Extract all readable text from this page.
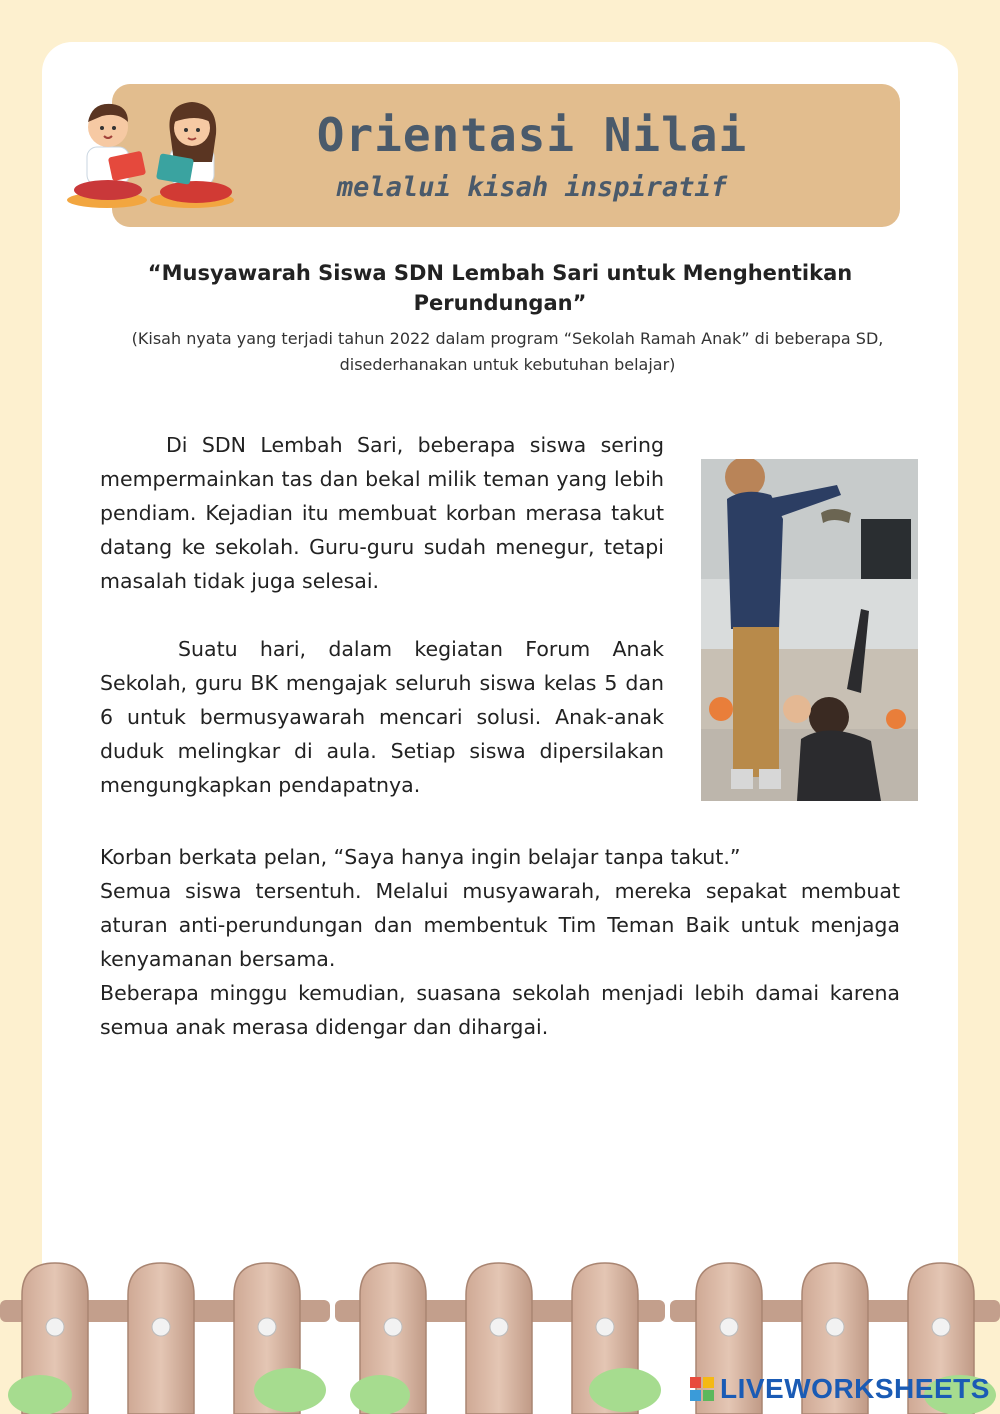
Orientasi Nilai
melalui kisah inspiratif

“Musyawarah Siswa SDN Lembah Sari untuk Menghentikan Perundungan”

(Kisah nyata yang terjadi tahun 2022 dalam program “Sekolah Ramah Anak” di beberapa SD, disederhanakan untuk kebutuhan belajar)

Di SDN Lembah Sari, beberapa siswa sering mempermainkan tas dan bekal milik teman yang lebih pendiam. Kejadian itu membuat korban merasa takut datang ke sekolah. Guru-guru sudah menegur, tetapi masalah tidak juga selesai.

Suatu hari, dalam kegiatan Forum Anak Sekolah, guru BK mengajak seluruh siswa kelas 5 dan 6 untuk bermusyawarah mencari solusi. Anak-anak duduk melingkar di aula. Setiap siswa dipersilakan mengungkapkan pendapatnya.

Korban berkata pelan, “Saya hanya ingin belajar tanpa takut.”

Semua siswa tersentuh. Melalui musyawarah, mereka sepakat membuat aturan anti-perundungan dan membentuk Tim Teman Baik untuk menjaga kenyamanan bersama.

Beberapa minggu kemudian, suasana sekolah menjadi lebih damai karena semua anak merasa didengar dan dihargai.

LIVEWORKSHEETS
